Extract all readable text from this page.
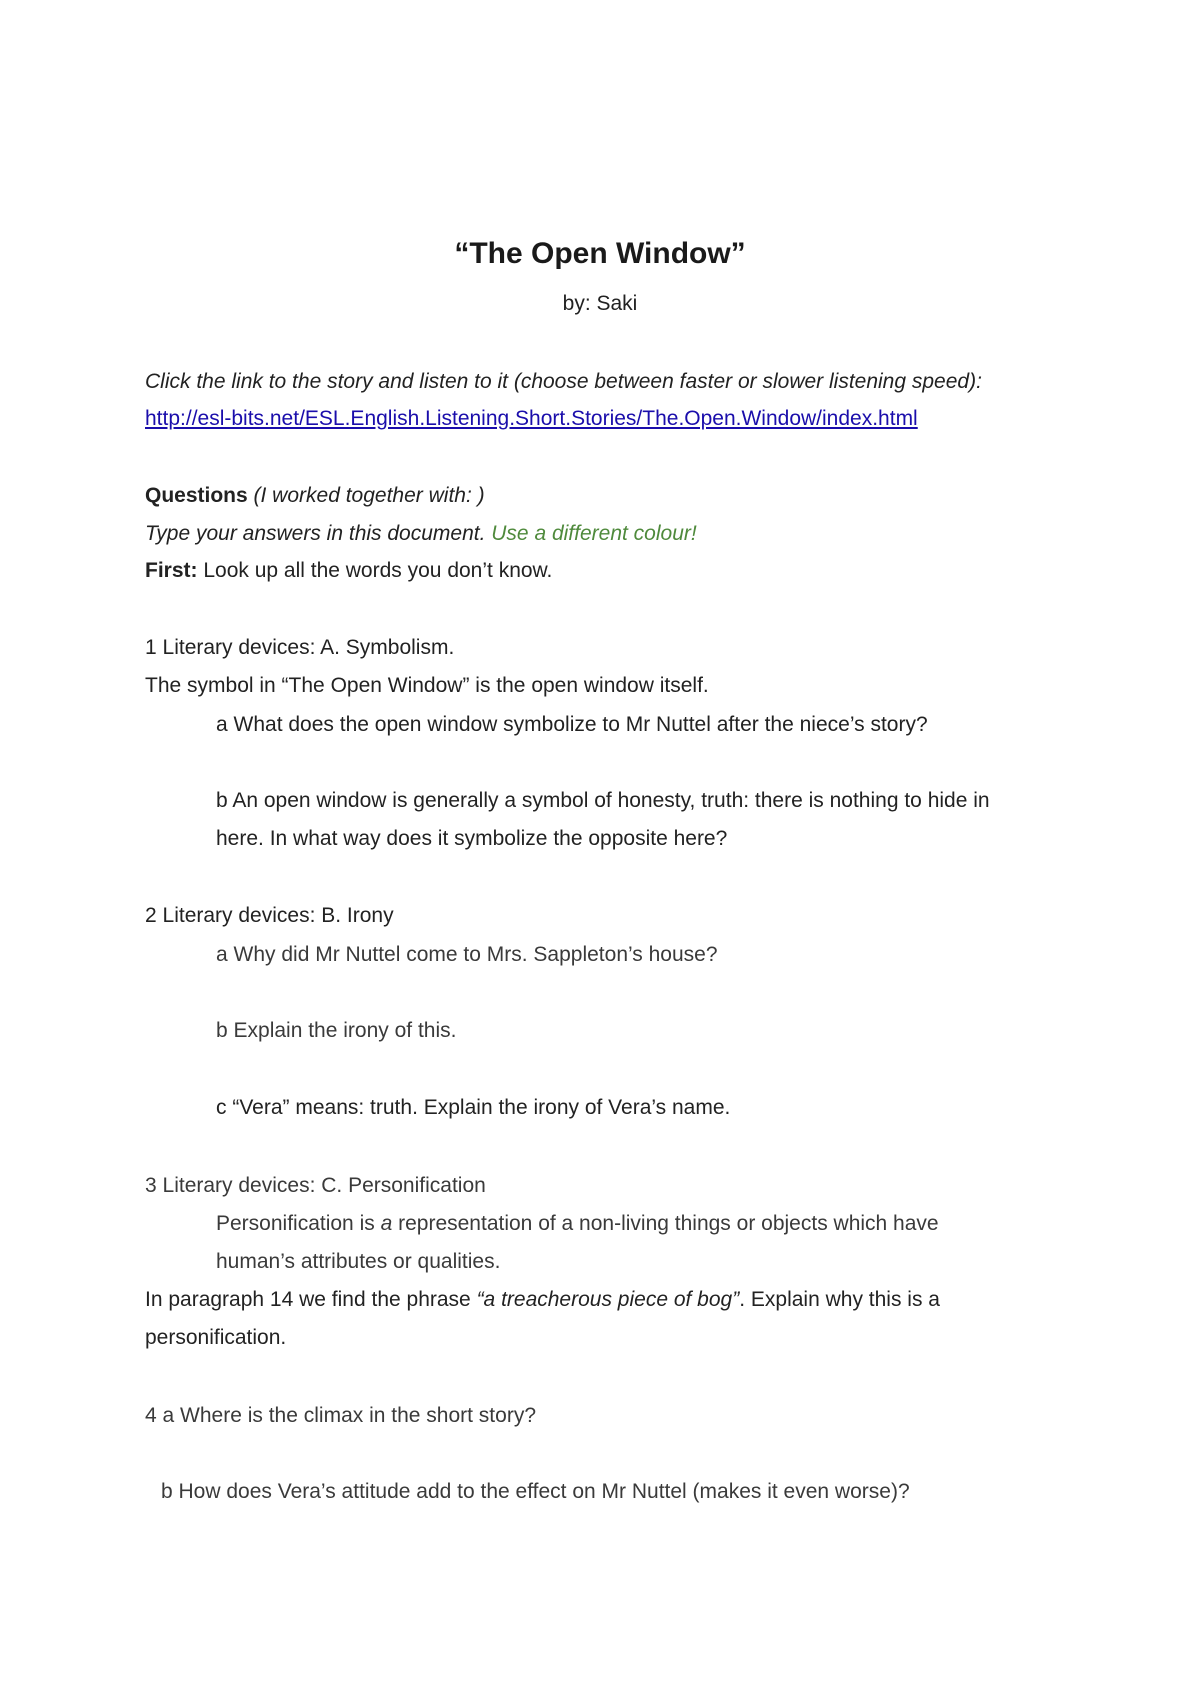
“The Open Window”
by: Saki
Click the link to the story and listen to it (choose between faster or slower listening speed):
http://esl-bits.net/ESL.English.Listening.Short.Stories/The.Open.Window/index.html
Questions (I worked together with: )
Type your answers in this document. Use a different colour!
First: Look up all the words you don’t know.
1 Literary devices: A. Symbolism.
The symbol in “The Open Window” is the open window itself.
a What does the open window symbolize to Mr Nuttel after the niece’s story?
b An open window is generally a symbol of honesty, truth: there is nothing to hide in
here. In what way does it symbolize the opposite here?
2 Literary devices: B. Irony
a Why did Mr Nuttel come to Mrs. Sappleton’s house?
b Explain the irony of this.
c “Vera” means: truth. Explain the irony of Vera’s name.
3 Literary devices: C. Personification
Personification is a representation of a non-living things or objects which have
human’s attributes or qualities.
In paragraph 14 we find the phrase “a treacherous piece of bog”. Explain why this is a
personification.
4 a Where is the climax in the short story?
b How does Vera’s attitude add to the effect on Mr Nuttel (makes it even worse)?
